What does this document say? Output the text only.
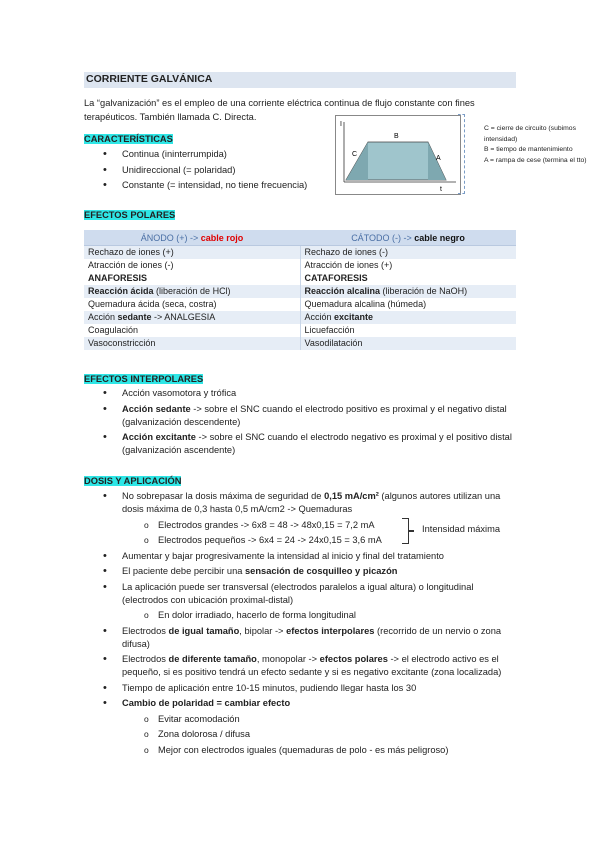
CORRIENTE GALVÁNICA
La “galvanización” es el empleo de una corriente eléctrica continua de flujo constante con fines
terapéuticos. También llamada C. Directa.
CARACTERÍSTICAS
• Continua (ininterrumpida)
• Unidireccional (= polaridad)
• Constante (= intensidad, no tiene frecuencia)
I
t
B
C
A
C = cierre de circuito (subimos intensidad)
B = tiempo de mantenimiento
A = rampa de cese (termina el tto)
EFECTOS POLARES
ÁNODO (+) -> cable rojo	CÁTODO (-) -> cable negro
Rechazo de iones (+)	Rechazo de iones (-)
Atracción de iones (-)	Atracción de iones (+)
ANAFORESIS	CATAFORESIS
Reacción ácida (liberación de HCl)	Reacción alcalina (liberación de NaOH)
Quemadura ácida (seca, costra)	Quemadura alcalina (húmeda)
Acción sedante -> ANALGESIA	Acción excitante
Coagulación	Licuefacción
Vasoconstricción	Vasodilatación
EFECTOS INTERPOLARES
• Acción vasomotora y trófica
• Acción sedante -> sobre el SNC cuando el electrodo positivo es proximal y el negativo distal (galvanización descendente)
• Acción excitante -> sobre el SNC cuando el electrodo negativo es proximal y el positivo distal (galvanización ascendente)
DOSIS Y APLICACIÓN
• No sobrepasar la dosis máxima de seguridad de 0,15 mA/cm² (algunos autores utilizan una dosis máxima de 0,3 hasta 0,5 mA/cm2 -> Quemaduras
o Electrodos grandes -> 6x8 = 48 -> 48x0,15 = 7,2 mA
o Electrodos pequeños -> 6x4 = 24 -> 24x0,15 = 3,6 mA
• Aumentar y bajar progresivamente la intensidad al inicio y final del tratamiento
• El paciente debe percibir una sensación de cosquilleo y picazón
• La aplicación puede ser transversal (electrodos paralelos a igual altura) o longitudinal (electrodos con ubicación proximal-distal)
o En dolor irradiado, hacerlo de forma longitudinal
• Electrodos de igual tamaño, bipolar -> efectos interpolares (recorrido de un nervio o zona difusa)
• Electrodos de diferente tamaño, monopolar -> efectos polares -> el electrodo activo es el pequeño, si es positivo tendrá un efecto sedante y si es negativo excitante (zona localizada)
• Tiempo de aplicación entre 10-15 minutos, pudiendo llegar hasta los 30
• Cambio de polaridad = cambiar efecto
o Evitar acomodación
o Zona dolorosa / difusa
o Mejor con electrodos iguales (quemaduras de polo - es más peligroso)
Intensidad máxima
